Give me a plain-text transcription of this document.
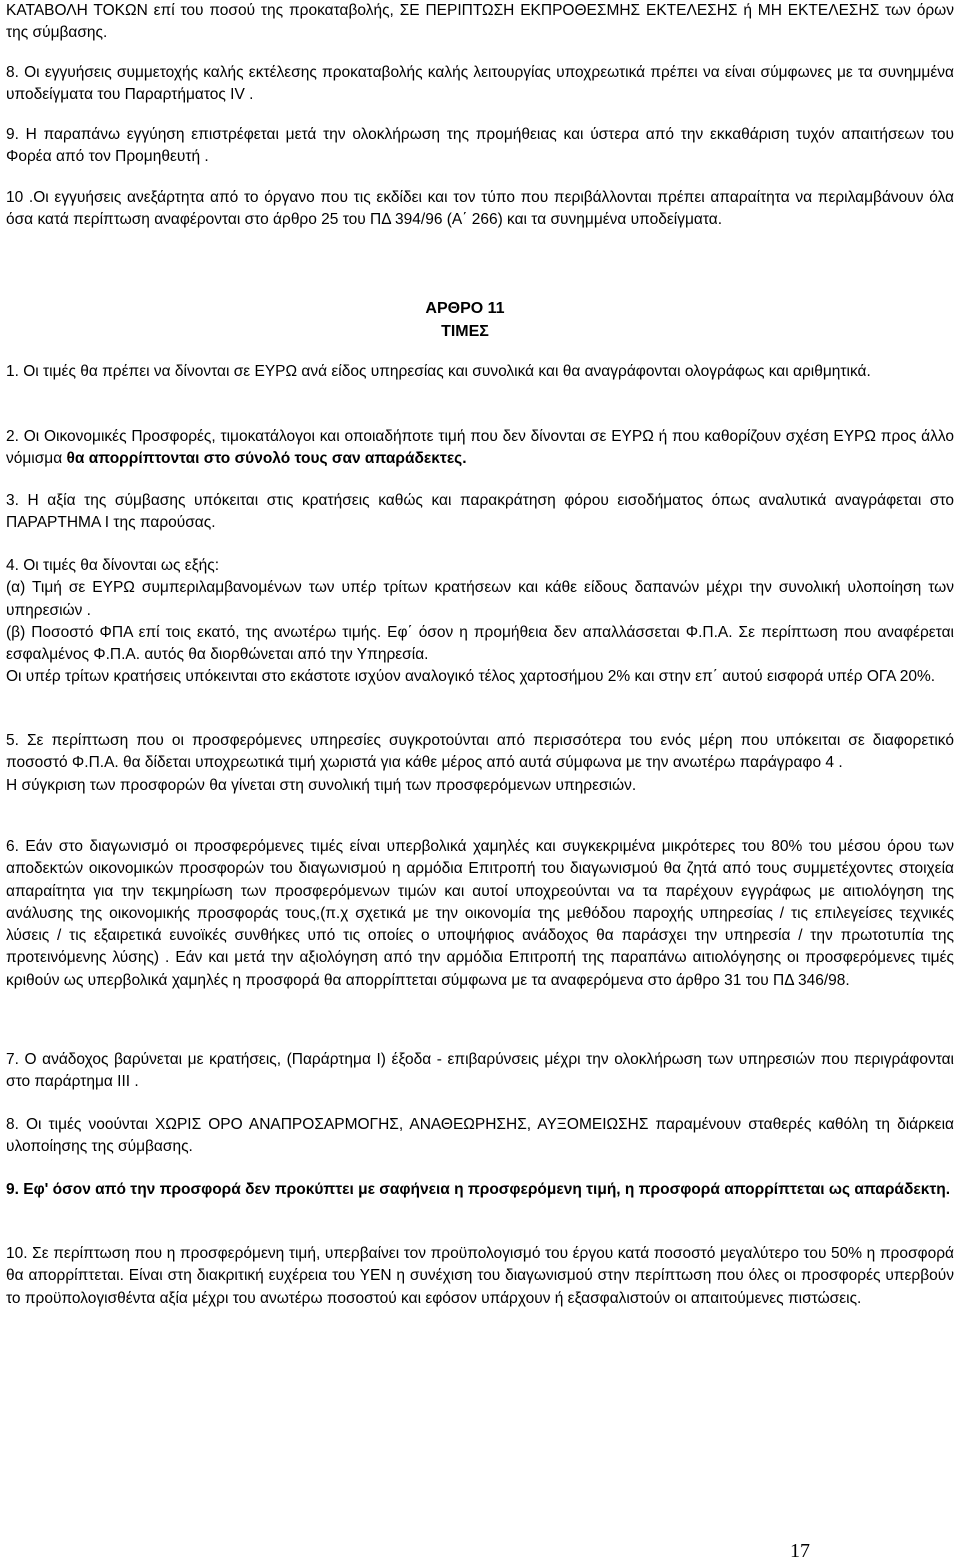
ΚΑΤΑΒΟΛΗ ΤΟΚΩΝ επί του ποσού της προκαταβολής, ΣΕ ΠΕΡΙΠΤΩΣΗ ΕΚΠΡΟΘΕΣΜΗΣ ΕΚΤΕΛΕΣΗΣ ή ΜΗ ΕΚΤΕΛΕΣΗΣ των όρων της σύμβασης.

8. Οι εγγυήσεις συμμετοχής καλής εκτέλεσης προκαταβολής καλής λειτουργίας υποχρεωτικά πρέπει να είναι σύμφωνες με τα συνημμένα υποδείγματα του Παραρτήματος IV .

9. Η παραπάνω εγγύηση επιστρέφεται μετά την ολοκλήρωση της προμήθειας και ύστερα από την εκκαθάριση τυχόν απαιτήσεων του Φορέα από τον Προμηθευτή .

10 .Οι εγγυήσεις ανεξάρτητα από το όργανο που τις εκδίδει και τον τύπο που περιβάλλονται πρέπει απαραίτητα να περιλαμβάνουν όλα όσα κατά περίπτωση αναφέρονται στο άρθρο 25 του ΠΔ 394/96 (Α΄ 266) και τα συνημμένα υποδείγματα.

ΑΡΘΡΟ 11
ΤΙΜΕΣ

1. Οι τιμές θα πρέπει να δίνονται σε ΕΥΡΩ ανά είδος υπηρεσίας και συνολικά και θα αναγράφονται ολογράφως και αριθμητικά.

2. Οι Οικονομικές Προσφορές, τιμοκατάλογοι και οποιαδήποτε τιμή που δεν δίνονται σε ΕΥΡΩ ή που καθορίζουν σχέση ΕΥΡΩ προς άλλο νόμισμα θα απορρίπτονται στο σύνολό τους σαν απαράδεκτες.

3. Η αξία της σύμβασης υπόκειται στις κρατήσεις καθώς και παρακράτηση φόρου εισοδήματος όπως αναλυτικά αναγράφεται στο ΠΑΡΑΡΤΗΜΑ Ι της παρούσας.

4. Οι τιμές θα δίνονται ως εξής:
(α) Τιμή σε ΕΥΡΩ συμπεριλαμβανομένων των υπέρ τρίτων κρατήσεων και κάθε είδους δαπανών μέχρι την συνολική υλοποίηση των υπηρεσιών .
(β) Ποσοστό ΦΠΑ επί τοις εκατό, της ανωτέρω τιμής. Εφ΄ όσον η προμήθεια δεν απαλλάσσεται Φ.Π.Α. Σε περίπτωση που αναφέρεται εσφαλμένος Φ.Π.Α. αυτός θα διορθώνεται από την Υπηρεσία.
Οι υπέρ τρίτων κρατήσεις υπόκεινται στο εκάστοτε ισχύον αναλογικό τέλος χαρτοσήμου 2% και στην επ΄ αυτού εισφορά υπέρ ΟΓΑ 20%.
5. Σε περίπτωση που οι προσφερόμενες υπηρεσίες συγκροτούνται από περισσότερα του ενός μέρη που υπόκειται σε διαφορετικό ποσοστό Φ.Π.Α. θα δίδεται υποχρεωτικά τιμή χωριστά για κάθε μέρος από αυτά σύμφωνα με την ανωτέρω παράγραφο 4 .
Η σύγκριση των προσφορών θα γίνεται στη συνολική τιμή των προσφερόμενων υπηρεσιών.

6. Εάν στο διαγωνισμό οι προσφερόμενες τιμές είναι υπερβολικά χαμηλές και συγκεκριμένα μικρότερες του 80% του μέσου όρου των αποδεκτών οικονομικών προσφορών του διαγωνισμού η αρμόδια Επιτροπή του διαγωνισμού θα ζητά από τους συμμετέχοντες στοιχεία απαραίτητα για την τεκμηρίωση των προσφερόμενων τιμών και αυτοί υποχρεούνται να τα παρέχουν εγγράφως με αιτιολόγηση της ανάλυσης της οικονομικής προσφοράς τους,(π.χ σχετικά με την οικονομία της μεθόδου παροχής υπηρεσίας / τις επιλεγείσες τεχνικές λύσεις / τις εξαιρετικά ευνοϊκές συνθήκες υπό τις οποίες ο υποψήφιος ανάδοχος θα παράσχει την υπηρεσία / την πρωτοτυπία της προτεινόμενης λύσης) . Εάν και μετά την αξιολόγηση από την αρμόδια Επιτροπή της παραπάνω αιτιολόγησης οι προσφερόμενες τιμές κριθούν ως υπερβολικά χαμηλές η προσφορά θα απορρίπτεται σύμφωνα με τα αναφερόμενα στο άρθρο 31 του ΠΔ 346/98.

7. Ο ανάδοχος βαρύνεται με κρατήσεις, (Παράρτημα Ι) έξοδα - επιβαρύνσεις μέχρι την ολοκλήρωση των υπηρεσιών που περιγράφονται στο παράρτημα ΙΙΙ .

8. Οι τιμές νοούνται ΧΩΡΙΣ ΟΡΟ ΑΝΑΠΡΟΣΑΡΜΟΓΗΣ, ΑΝΑΘΕΩΡΗΣΗΣ, ΑΥΞΟΜΕΙΩΣΗΣ παραμένουν σταθερές καθόλη τη διάρκεια υλοποίησης της σύμβασης.

9. Εφ' όσον από την προσφορά δεν προκύπτει με σαφήνεια η προσφερόμενη τιμή, η προσφορά απορρίπτεται ως απαράδεκτη.

10. Σε περίπτωση που η προσφερόμενη τιμή, υπερβαίνει τον προϋπολογισμό του έργου κατά ποσοστό μεγαλύτερο του 50% η προσφορά θα απορρίπτεται. Είναι στη διακριτική ευχέρεια του ΥΕΝ η συνέχιση του διαγωνισμού στην περίπτωση που όλες οι προσφορές υπερβούν το προϋπολογισθέντα αξία μέχρι του ανωτέρω ποσοστού και εφόσον υπάρχουν ή εξασφαλιστούν οι απαιτούμενες πιστώσεις.

17
